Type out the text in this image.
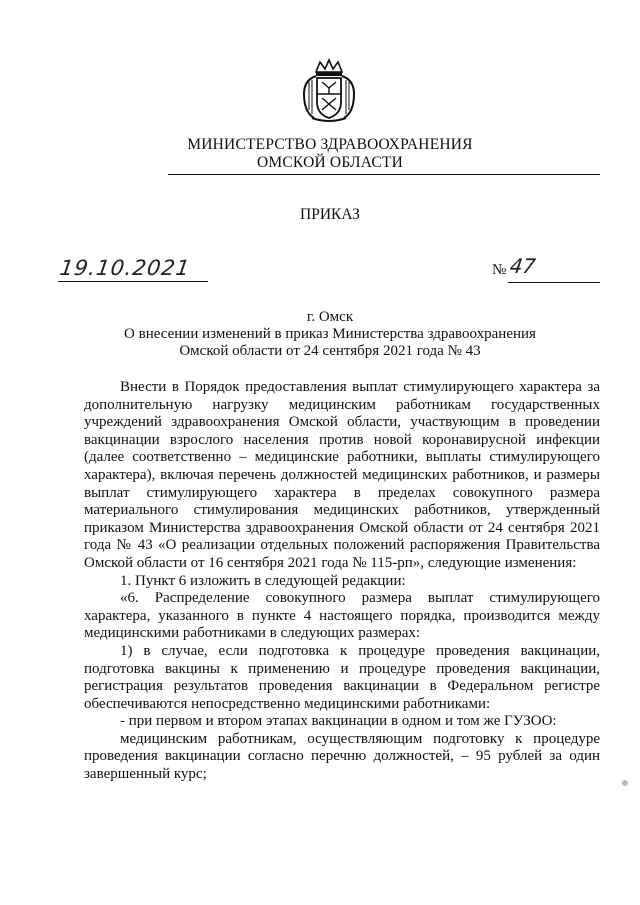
МИНИСТЕРСТВО ЗДРАВООХРАНЕНИЯ
ОМСКОЙ ОБЛАСТИ
ПРИКАЗ
19.10.2021	№ 47
г. Омск
О внесении изменений в приказ Министерства здравоохранения
Омской области от 24 сентября 2021 года № 43

Внести в Порядок предоставления выплат стимулирующего характера за дополнительную нагрузку медицинским работникам государственных учреждений здравоохранения Омской области, участвующим в проведении вакцинации взрослого населения против новой коронавирусной инфекции (далее соответственно – медицинские работники, выплаты стимулирующего характера), включая перечень должностей медицинских работников, и размеры выплат стимулирующего характера в пределах совокупного размера материального стимулирования медицинских работников, утвержденный приказом Министерства здравоохранения Омской области от 24 сентября 2021 года № 43 «О реализации отдельных положений распоряжения Правительства Омской области от 16 сентября 2021 года № 115-рп», следующие изменения:

1. Пункт 6 изложить в следующей редакции:

«6. Распределение совокупного размера выплат стимулирующего характера, указанного в пункте 4 настоящего порядка, производится между медицинскими работниками в следующих размерах:

1) в случае, если подготовка к процедуре проведения вакцинации, подготовка вакцины к применению и процедуре проведения вакцинации, регистрация результатов проведения вакцинации в Федеральном регистре обеспечиваются непосредственно медицинскими работниками:

- при первом и втором этапах вакцинации в одном и том же ГУЗОО:

медицинским работникам, осуществляющим подготовку к процедуре проведения вакцинации согласно перечню должностей, – 95 рублей за один завершенный курс;
